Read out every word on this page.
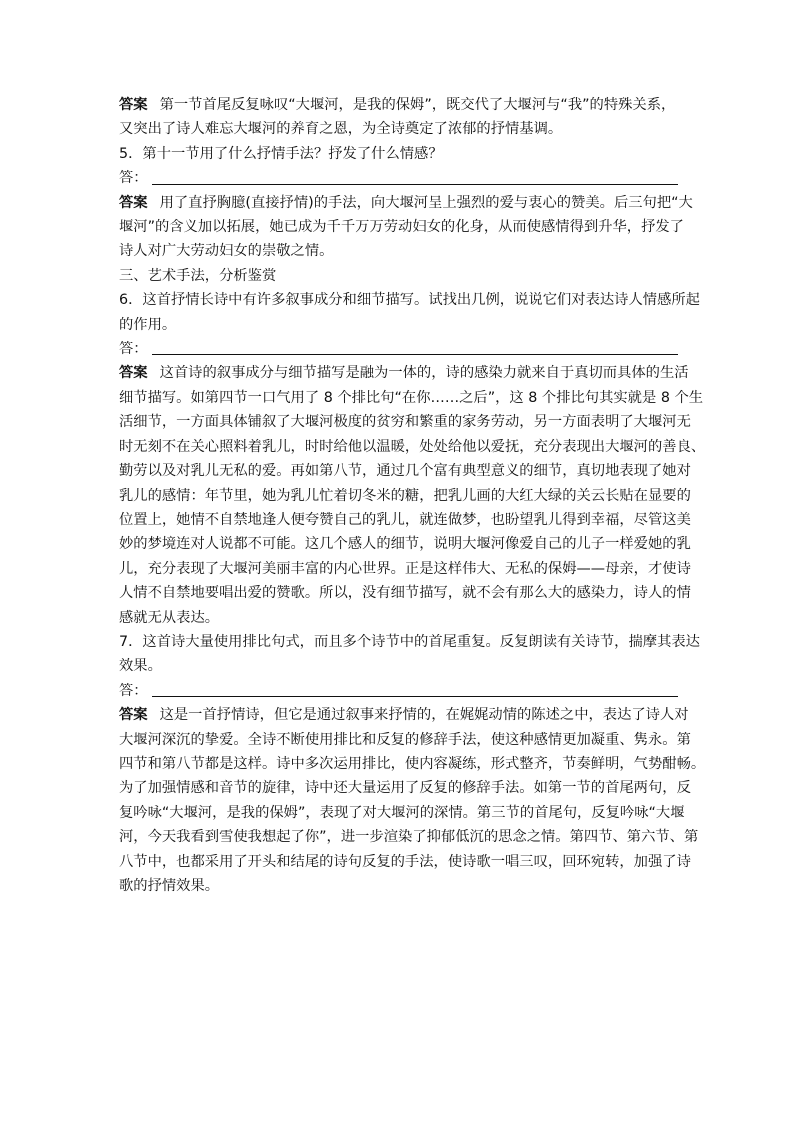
答案 第一节首尾反复咏叹“大堰河，是我的保姆”，既交代了大堰河与“我”的特殊关系，
又突出了诗人难忘大堰河的养育之恩，为全诗奠定了浓郁的抒情基调。
5．第十一节用了什么抒情手法？抒发了什么情感？
答：
答案 用了直抒胸臆(直接抒情)的手法，向大堰河呈上强烈的爱与衷心的赞美。后三句把“大
堰河”的含义加以拓展，她已成为千千万万劳动妇女的化身，从而使感情得到升华，抒发了
诗人对广大劳动妇女的崇敬之情。
三、艺术手法，分析鉴赏
6．这首抒情长诗中有许多叙事成分和细节描写。试找出几例，说说它们对表达诗人情感所起
的作用。
答：
答案 这首诗的叙事成分与细节描写是融为一体的，诗的感染力就来自于真切而具体的生活
细节描写。如第四节一口气用了 8 个排比句“在你……之后”，这 8 个排比句其实就是 8 个生
活细节，一方面具体铺叙了大堰河极度的贫穷和繁重的家务劳动，另一方面表明了大堰河无
时无刻不在关心照料着乳儿，时时给他以温暖，处处给他以爱抚，充分表现出大堰河的善良、
勤劳以及对乳儿无私的爱。再如第八节，通过几个富有典型意义的细节，真切地表现了她对
乳儿的感情：年节里，她为乳儿忙着切冬米的糖，把乳儿画的大红大绿的关云长贴在显要的
位置上，她情不自禁地逢人便夸赞自己的乳儿，就连做梦，也盼望乳儿得到幸福，尽管这美
妙的梦境连对人说都不可能。这几个感人的细节，说明大堰河像爱自己的儿子一样爱她的乳
儿，充分表现了大堰河美丽丰富的内心世界。正是这样伟大、无私的保姆——母亲，才使诗
人情不自禁地要唱出爱的赞歌。所以，没有细节描写，就不会有那么大的感染力，诗人的情
感就无从表达。
7．这首诗大量使用排比句式，而且多个诗节中的首尾重复。反复朗读有关诗节，揣摩其表达
效果。
答：
答案 这是一首抒情诗，但它是通过叙事来抒情的，在娓娓动情的陈述之中，表达了诗人对
大堰河深沉的挚爱。全诗不断使用排比和反复的修辞手法，使这种感情更加凝重、隽永。第
四节和第八节都是这样。诗中多次运用排比，使内容凝练，形式整齐，节奏鲜明，气势酣畅。
为了加强情感和音节的旋律，诗中还大量运用了反复的修辞手法。如第一节的首尾两句，反
复吟咏“大堰河，是我的保姆”，表现了对大堰河的深情。第三节的首尾句，反复吟咏“大堰
河，今天我看到雪使我想起了你”，进一步渲染了抑郁低沉的思念之情。第四节、第六节、第
八节中，也都采用了开头和结尾的诗句反复的手法，使诗歌一唱三叹，回环宛转，加强了诗
歌的抒情效果。
